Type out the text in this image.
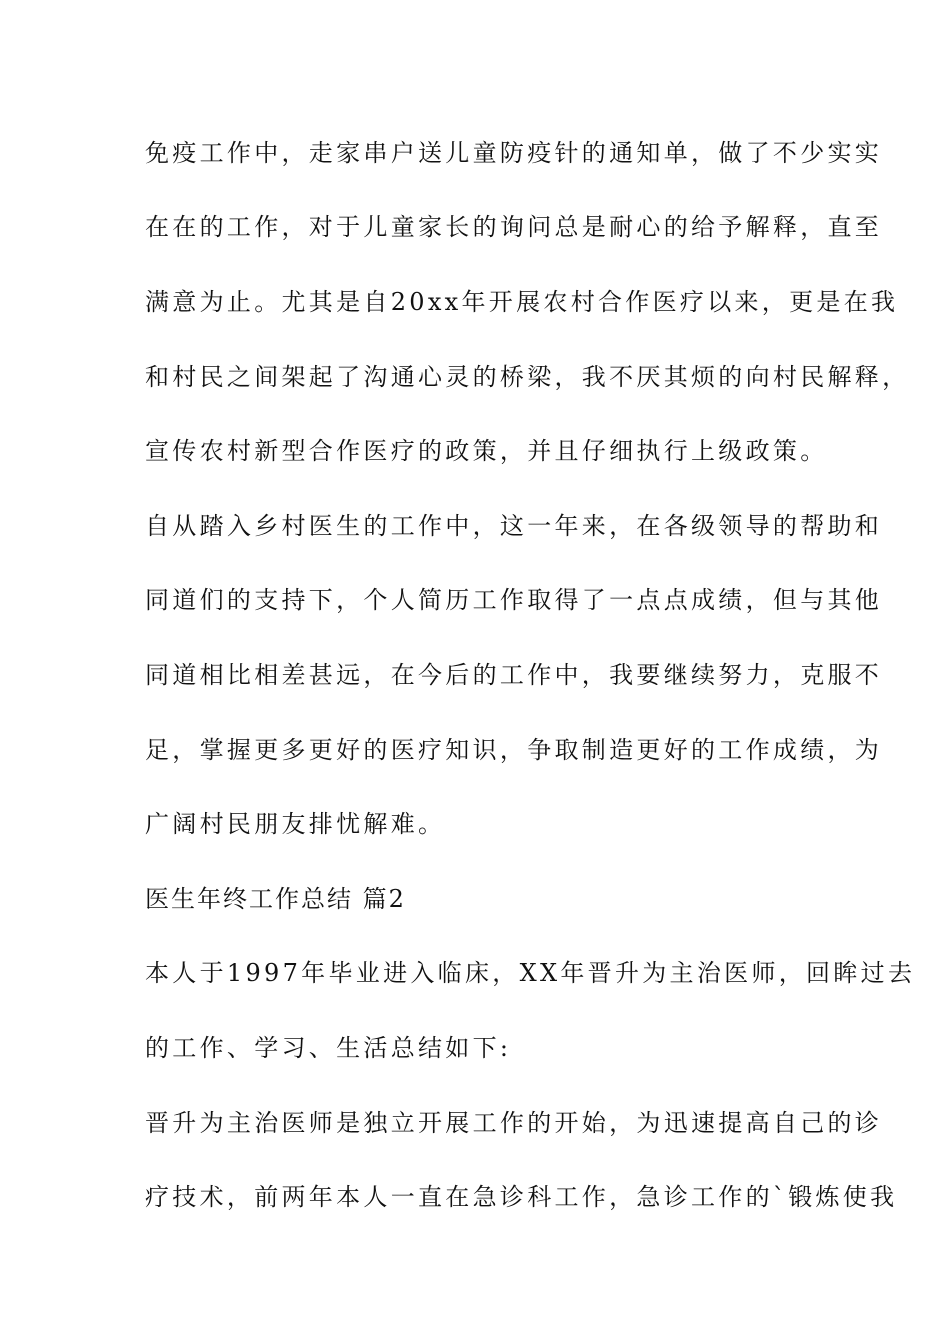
免疫工作中，走家串户送儿童防疫针的通知单，做了不少实实
在在的工作，对于儿童家长的询问总是耐心的给予解释，直至
满意为止。尤其是自20xx年开展农村合作医疗以来，更是在我
和村民之间架起了沟通心灵的桥梁，我不厌其烦的向村民解释，
宣传农村新型合作医疗的政策，并且仔细执行上级政策。
自从踏入乡村医生的工作中，这一年来，在各级领导的帮助和
同道们的支持下，个人简历工作取得了一点点成绩，但与其他
同道相比相差甚远，在今后的工作中，我要继续努力，克服不
足，掌握更多更好的医疗知识，争取制造更好的工作成绩，为
广阔村民朋友排忧解难。
医生年终工作总结 篇2
本人于1997年毕业进入临床，XX年晋升为主治医师，回眸过去
的工作、学习、生活总结如下:
晋升为主治医师是独立开展工作的开始，为迅速提高自己的诊
疗技术，前两年本人一直在急诊科工作，急诊工作的`锻炼使我
